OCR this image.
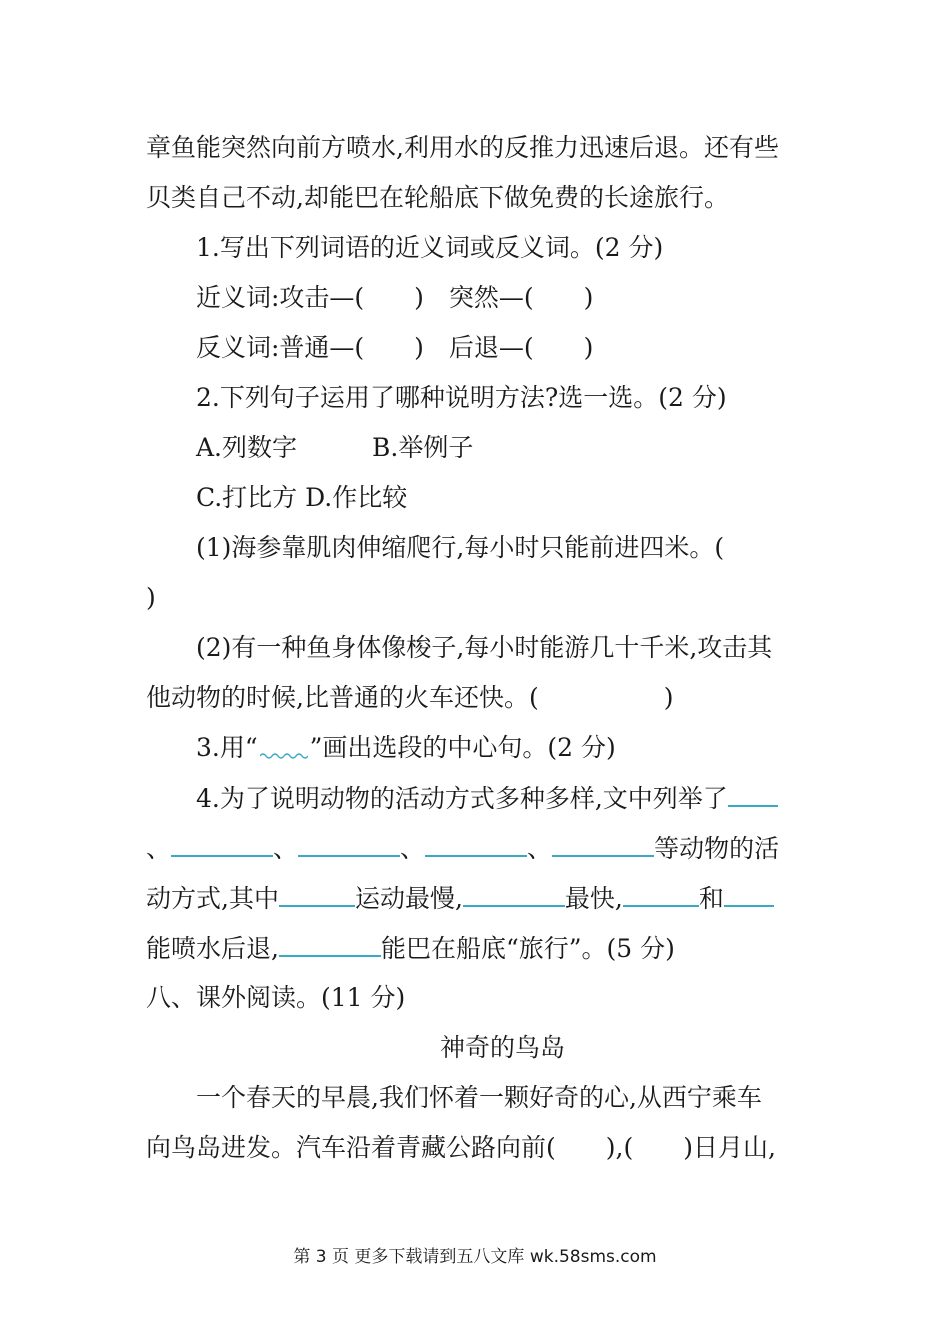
章鱼能突然向前方喷水,利用水的反推力迅速后退。还有些
贝类自己不动,却能巴在轮船底下做免费的长途旅行。
1.写出下列词语的近义词或反义词。(2 分)
近义词:攻击—(　　)　突然—(　　)
反义词:普通—(　　)　后退—(　　)
2.下列句子运用了哪种说明方法?选一选。(2 分)
A.列数字	B.举例子
C.打比方 D.作比较
(1)海参靠肌肉伸缩爬行,每小时只能前进四米。(
)
(2)有一种鱼身体像梭子,每小时能游几十千米,攻击其
他动物的时候,比普通的火车还快。(　　　　　)
3.用“ ”画出选段的中心句。(2 分)
4.为了说明动物的活动方式多种多样,文中列举了
、	、	、	、	等动物的活
动方式,其中	运动最慢,	最快,	和
能喷水后退,	能巴在船底“旅行”。(5 分)
八、课外阅读。(11 分)
神奇的鸟岛
一个春天的早晨,我们怀着一颗好奇的心,从西宁乘车
向鸟岛进发。汽车沿着青藏公路向前(　　),(　　)日月山,
第 3 页 更多下载请到五八文库 wk.58sms.com
